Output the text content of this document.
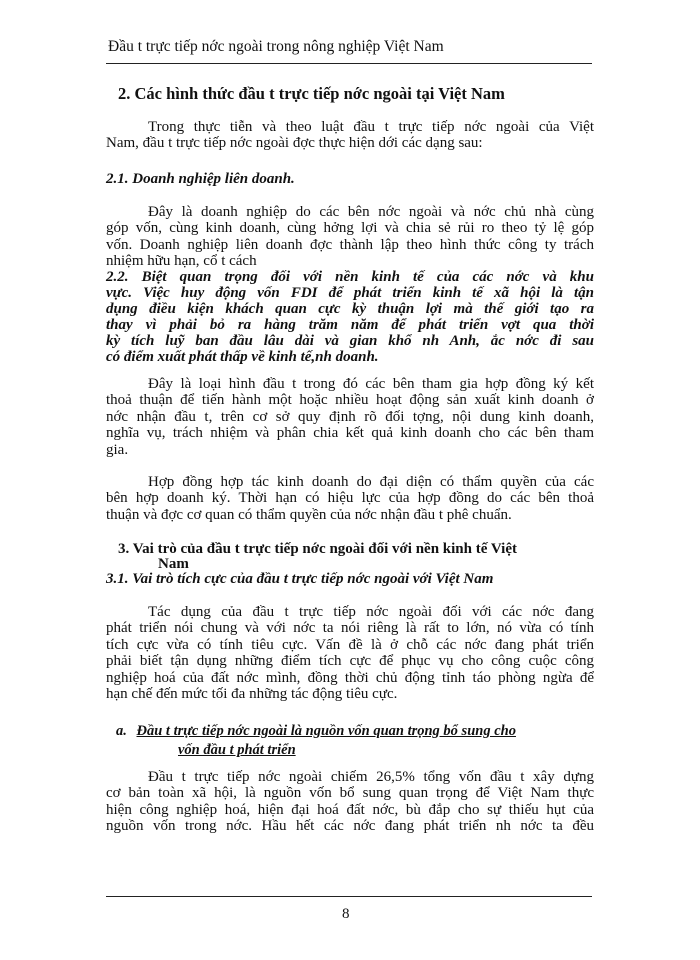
Đầu t trực tiếp nớc ngoài trong nông nghiệp Việt Nam
2. Các hình thức đầu t trực tiếp nớc ngoài tại Việt Nam
Trong thực tiễn và theo luật đầu t trực tiếp nớc ngoài của Việt
Nam, đầu t trực tiếp nớc ngoài đợc thực hiện dới các dạng sau:
2.1. Doanh nghiệp liên doanh.
Đây là doanh nghiệp do các bên nớc ngoài và nớc chủ nhà cùng
góp vốn, cùng kinh doanh, cùng hởng lợi và chia sẻ rủi ro theo tỷ lệ góp
vốn. Doanh nghiệp liên doanh đợc thành lập theo hình thức công ty trách
nhiệm hữu hạn, cổ t cách
2.2. Biệt quan trọng đối với nền kinh tế của các nớc và khu
vực. Việc huy động vốn FDI để phát triển kinh tế xã hội là tận
dụng điều kiện khách quan cực kỳ thuận lợi mà thế giới tạo ra
thay vì phải bỏ ra hàng trăm năm để phát triển vợt qua thời
kỳ tích luỹ ban đầu lâu dài và gian khổ nh Anh, ắc nớc đi sau
có điểm xuất phát thấp về kinh tế,nh doanh.
Đây là loại hình đầu t trong đó các bên tham gia hợp đồng ký kết
thoả thuận để tiến hành một hoặc nhiều hoạt động sản xuất kinh doanh ở
nớc nhận đầu t, trên cơ sở quy định rõ đối tợng, nội dung kinh doanh,
nghĩa vụ, trách nhiệm và phân chia kết quả kinh doanh cho các bên tham
gia.
Hợp đồng hợp tác kinh doanh do đại diện có thẩm quyền của các
bên hợp doanh ký. Thời hạn có hiệu lực của hợp đồng do các bên thoả
thuận và đợc cơ quan có thẩm quyền của nớc nhận đầu t phê chuẩn.
3. Vai trò của đầu t trực tiếp nớc ngoài đối với nền kinh tế Việt
Nam
3.1. Vai trò tích cực của đầu t trực tiếp nớc ngoài với Việt Nam
Tác dụng của đầu t trực tiếp nớc ngoài đối với các nớc đang
phát triển nói chung và với nớc ta nói riêng là rất to lớn, nó vừa có tính
tích cực vừa có tính tiêu cực. Vấn đề là ở chỗ các nớc đang phát triển
phải biết tận dụng những điểm tích cực để phục vụ cho công cuộc công
nghiệp hoá của đất nớc mình, đồng thời chủ động tỉnh táo phòng ngừa để
hạn chế đến mức tối đa những tác động tiêu cực.
a. Đầu t trực tiếp nớc ngoài là nguồn vốn quan trọng bổ sung cho
vốn đầu t phát triển
Đầu t trực tiếp nớc ngoài chiếm 26,5% tổng vốn đầu t xây dựng
cơ bản toàn xã hội, là nguồn vốn bổ sung quan trọng để Việt Nam thực
hiện công nghiệp hoá, hiện đại hoá đất nớc, bù đắp cho sự thiếu hụt của
nguồn vốn trong nớc. Hầu hết các nớc đang phát triển nh nớc ta đều
8
